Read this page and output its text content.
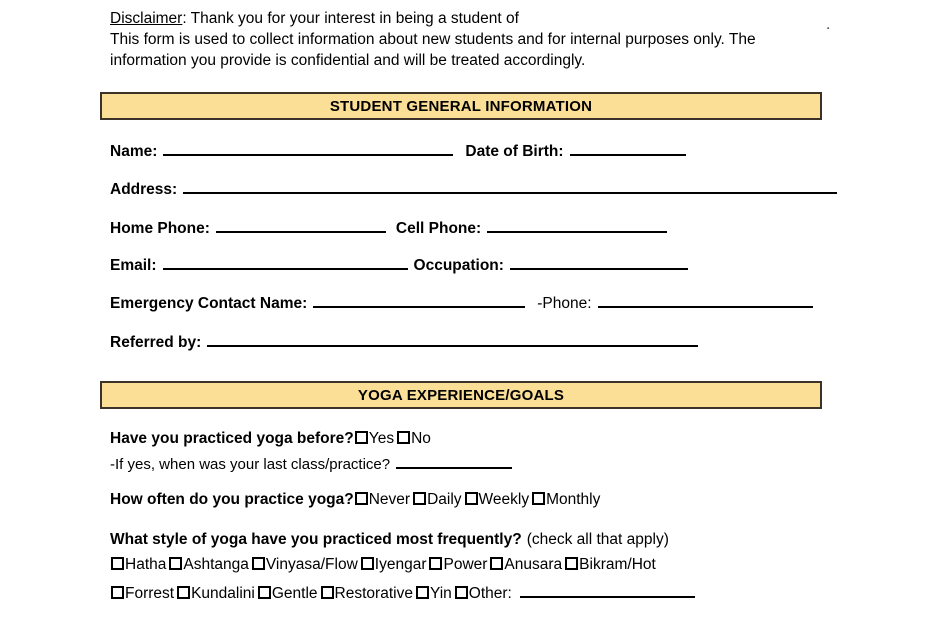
Disclaimer: Thank you for your interest in being a student of
This form is used to collect information about new students and for internal purposes only. The
information you provide is confidential and will be treated accordingly.
.
STUDENT GENERAL INFORMATION
Name:	Date of Birth:
Address:
Home Phone:	Cell Phone:
Email:	Occupation:
Emergency Contact Name:	-Phone:
Referred by:
YOGA EXPERIENCE/GOALS
Have you practiced yoga before? Yes No
-If yes, when was your last class/practice?
How often do you practice yoga? Never Daily Weekly Monthly
What style of yoga have you practiced most frequently? (check all that apply)
Hatha Ashtanga Vinyasa/Flow Iyengar Power Anusara Bikram/Hot
Forrest Kundalini Gentle Restorative Yin Other:
